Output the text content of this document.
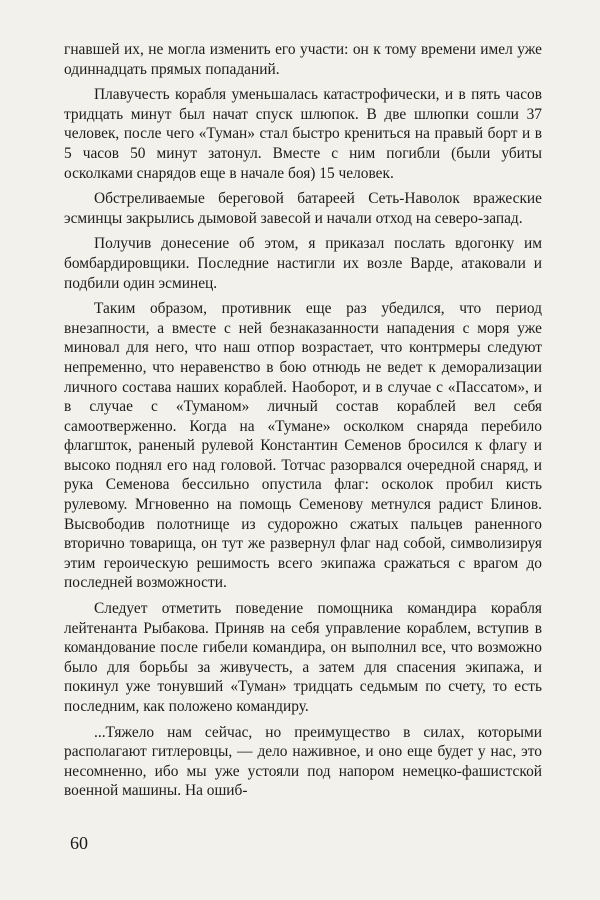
гнавшей их, не могла изменить его участи: он к тому времени имел уже одиннадцать прямых попаданий.

Плавучесть корабля уменьшалась катастрофически, и в пять часов тридцать минут был начат спуск шлюпок. В две шлюпки сошли 37 человек, после чего «Туман» стал быстро крениться на правый борт и в 5 часов 50 минут затонул. Вместе с ним погибли (были убиты осколками снарядов еще в начале боя) 15 человек.

Обстреливаемые береговой батареей Сеть-Наволок вражеские эсминцы закрылись дымовой завесой и начали отход на северо-запад.

Получив донесение об этом, я приказал послать вдогонку им бомбардировщики. Последние настигли их возле Варде, атаковали и подбили один эсминец.

Таким образом, противник еще раз убедился, что период внезапности, а вместе с ней безнаказанности нападения с моря уже миновал для него, что наш отпор возрастает, что контрмеры следуют непременно, что неравенство в бою отнюдь не ведет к деморализации личного состава наших кораблей. Наоборот, и в случае с «Пассатом», и в случае с «Туманом» личный состав кораблей вел себя самоотверженно. Когда на «Тумане» осколком снаряда перебило флагшток, раненый рулевой Константин Семенов бросился к флагу и высоко поднял его над головой. Тотчас разорвался очередной снаряд, и рука Семенова бессильно опустила флаг: осколок пробил кисть рулевому. Мгновенно на помощь Семенову метнулся радист Блинов. Высвободив полотнище из судорожно сжатых пальцев раненного вторично товарища, он тут же развернул флаг над собой, символизируя этим героическую решимость всего экипажа сражаться с врагом до последней возможности.

Следует отметить поведение помощника командира корабля лейтенанта Рыбакова. Приняв на себя управление кораблем, вступив в командование после гибели командира, он выполнил все, что возможно было для борьбы за живучесть, а затем для спасения экипажа, и покинул уже тонувший «Туман» тридцать седьмым по счету, то есть последним, как положено командиру.

...Тяжело нам сейчас, но преимущество в силах, которыми располагают гитлеровцы, — дело наживное, и оно еще будет у нас, это несомненно, ибо мы уже устояли под напором немецко-фашистской военной машины. На ошиб-

60
